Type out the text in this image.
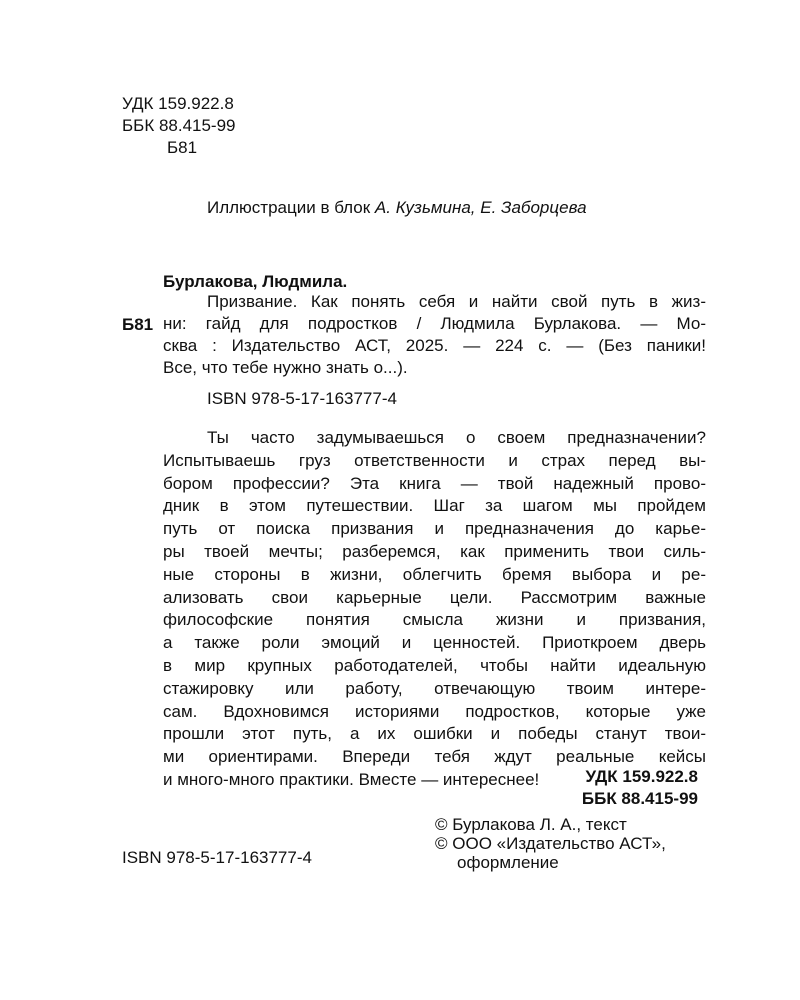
УДК 159.922.8
ББК 88.415-99
Б81
Иллюстрации в блок А. Кузьмина, Е. Заборцева
Бурлакова, Людмила.
Б81
Призвание. Как понять себя и найти свой путь в жиз-
ни: гайд для подростков / Людмила Бурлакова. — Мо-
сква : Издательство АСТ, 2025. — 224 с. — (Без паники!
Все, что тебе нужно знать о...).
ISBN 978-5-17-163777-4
Ты часто задумываешься о своем предназначении?
Испытываешь груз ответственности и страх перед вы-
бором профессии? Эта книга — твой надежный прово-
дник в этом путешествии. Шаг за шагом мы пройдем
путь от поиска призвания и предназначения до карье-
ры твоей мечты; разберемся, как применить твои силь-
ные стороны в жизни, облегчить бремя выбора и ре-
ализовать свои карьерные цели. Рассмотрим важные
философские понятия смысла жизни и призвания,
а также роли эмоций и ценностей. Приоткроем дверь
в мир крупных работодателей, чтобы найти идеальную
стажировку или работу, отвечающую твоим интере-
сам. Вдохновимся историями подростков, которые уже
прошли этот путь, а их ошибки и победы станут твои-
ми ориентирами. Впереди тебя ждут реальные кейсы
и много-много практики. Вместе — интереснее!	УДК 159.922.8
ББК 88.415-99
© Бурлакова Л. А., текст
© ООО «Издательство АСТ»,
оформление
ISBN 978-5-17-163777-4
